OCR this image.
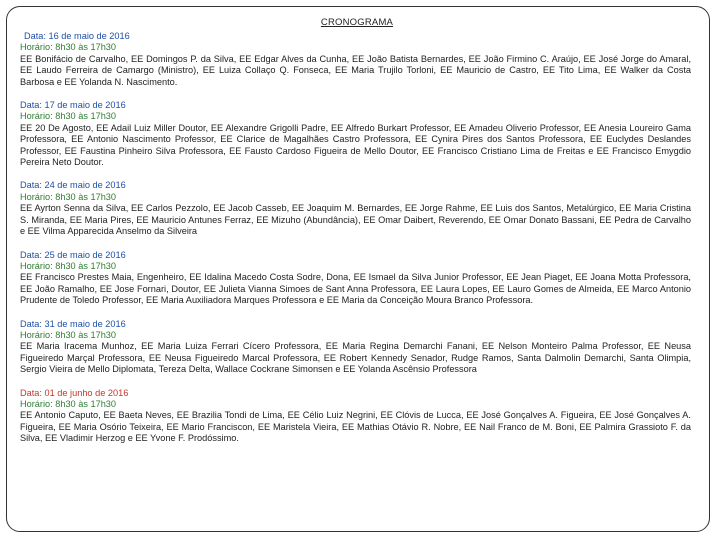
CRONOGRAMA
Data: 16 de maio de 2016
Horário: 8h30 às 17h30
EE Bonifácio de Carvalho, EE Domingos P. da Silva, EE Edgar Alves da Cunha, EE João Batista Bernardes, EE João Firmino C. Araújo, EE José Jorge do Amaral, EE Laudo Ferreira de Camargo (Ministro), EE Luiza Collaço Q. Fonseca, EE Maria Trujilo Torloni, EE Mauricio de Castro, EE Tito Lima, EE Walker da Costa Barbosa e EE Yolanda N. Nascimento.
Data: 17 de maio de 2016
Horário: 8h30 às 17h30
EE 20 De Agosto, EE Adail Luiz Miller Doutor, EE Alexandre Grigolli Padre, EE Alfredo Burkart Professor, EE Amadeu Oliverio Professor, EE Anesia Loureiro Gama Professora, EE Antonio Nascimento Professor, EE Clarice de Magalhães Castro Professora, EE Cynira Pires dos Santos Professora, EE Euclydes Deslandes Professor, EE Faustina Pinheiro Silva Professora, EE Fausto Cardoso Figueira de Mello Doutor, EE Francisco Cristiano Lima de Freitas e EE Francisco Emygdio Pereira Neto Doutor.
Data: 24 de maio de 2016
Horário: 8h30 às 17h30
EE Ayrton Senna da Silva, EE Carlos Pezzolo, EE Jacob Casseb, EE Joaquim M. Bernardes, EE Jorge Rahme, EE Luis dos Santos, Metalúrgico, EE Maria Cristina S. Miranda, EE Maria Pires, EE Mauricio Antunes Ferraz, EE Mizuho (Abundância), EE Omar Daibert, Reverendo, EE Omar Donato Bassani, EE Pedra de Carvalho e EE Vilma Apparecida Anselmo da Silveira
Data: 25 de maio de 2016
Horário: 8h30 às 17h30
EE Francisco Prestes Maia, Engenheiro, EE Idalina Macedo Costa Sodre, Dona, EE Ismael da Silva Junior Professor, EE Jean Piaget, EE Joana Motta Professora, EE João Ramalho, EE Jose Fornari, Doutor, EE Julieta Vianna Simoes de Sant Anna Professora, EE Laura Lopes, EE Lauro Gomes de Almeida, EE Marco Antonio Prudente de Toledo Professor, EE Maria Auxiliadora Marques Professora e EE Maria da Conceição Moura Branco Professora.
Data: 31 de maio de 2016
Horário: 8h30 às 17h30
EE Maria Iracema Munhoz, EE Maria Luiza Ferrari Cícero Professora, EE Maria Regina Demarchi Fanani, EE Nelson Monteiro Palma Professor, EE Neusa Figueiredo Marçal Professora, EE Neusa Figueiredo Marcal Professora, EE Robert Kennedy Senador, Rudge Ramos, Santa Dalmolin Demarchi, Santa Olimpia, Sergio Vieira de Mello Diplomata, Tereza Delta, Wallace Cockrane Simonsen e EE Yolanda Ascênsio Professora
Data: 01 de junho de 2016
Horário: 8h30 às 17h30
EE Antonio Caputo, EE Baeta Neves, EE Brazilia Tondi de Lima, EE Célio Luiz Negrini, EE Clóvis de Lucca, EE José Gonçalves A. Figueira, EE José Gonçalves A. Figueira, EE Maria Osório Teixeira, EE Mario Franciscon, EE Maristela Vieira, EE Mathias Otávio R. Nobre, EE Nail Franco de M. Boni, EE Palmira Grassioto F. da Silva, EE Vladimir Herzog e EE Yvone F. Prodóssimo.
